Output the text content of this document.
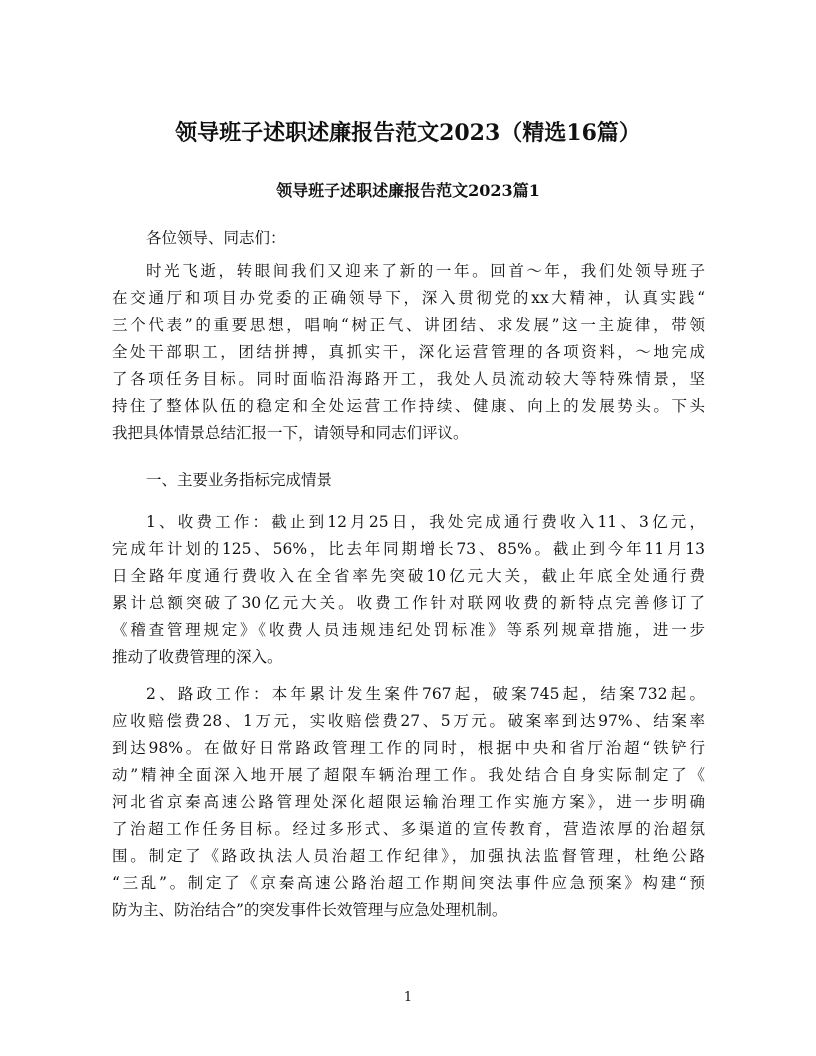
领导班子述职述廉报告范文2023（精选16篇）
领导班子述职述廉报告范文2023篇1
各位领导、同志们：
时光飞逝，转眼间我们又迎来了新的一年。回首～年，我们处领导班子
在交通厅和项目办党委的正确领导下，深入贯彻党的xx大精神，认真实践“
三个代表”的重要思想，唱响“树正气、讲团结、求发展”这一主旋律，带领
全处干部职工，团结拼搏，真抓实干，深化运营管理的各项资料，～地完成
了各项任务目标。同时面临沿海路开工，我处人员流动较大等特殊情景，坚
持住了整体队伍的稳定和全处运营工作持续、健康、向上的发展势头。下头
我把具体情景总结汇报一下，请领导和同志们评议。
一、主要业务指标完成情景
1、收费工作：截止到12月25日，我处完成通行费收入11、3亿元，
完成年计划的125、56%，比去年同期增长73、85%。截止到今年11月13
日全路年度通行费收入在全省率先突破10亿元大关，截止年底全处通行费
累计总额突破了30亿元大关。收费工作针对联网收费的新特点完善修订了
《稽查管理规定》《收费人员违规违纪处罚标准》等系列规章措施，进一步
推动了收费管理的深入。
2、路政工作：本年累计发生案件767起，破案745起，结案732起。
应收赔偿费28、1万元，实收赔偿费27、5万元。破案率到达97%、结案率
到达98%。在做好日常路政管理工作的同时，根据中央和省厅治超“铁铲行
动”精神全面深入地开展了超限车辆治理工作。我处结合自身实际制定了《
河北省京秦高速公路管理处深化超限运输治理工作实施方案》，进一步明确
了治超工作任务目标。经过多形式、多渠道的宣传教育，营造浓厚的治超氛
围。制定了《路政执法人员治超工作纪律》，加强执法监督管理，杜绝公路
“三乱”。制定了《京秦高速公路治超工作期间突法事件应急预案》构建“预
防为主、防治结合”的突发事件长效管理与应急处理机制。
1
